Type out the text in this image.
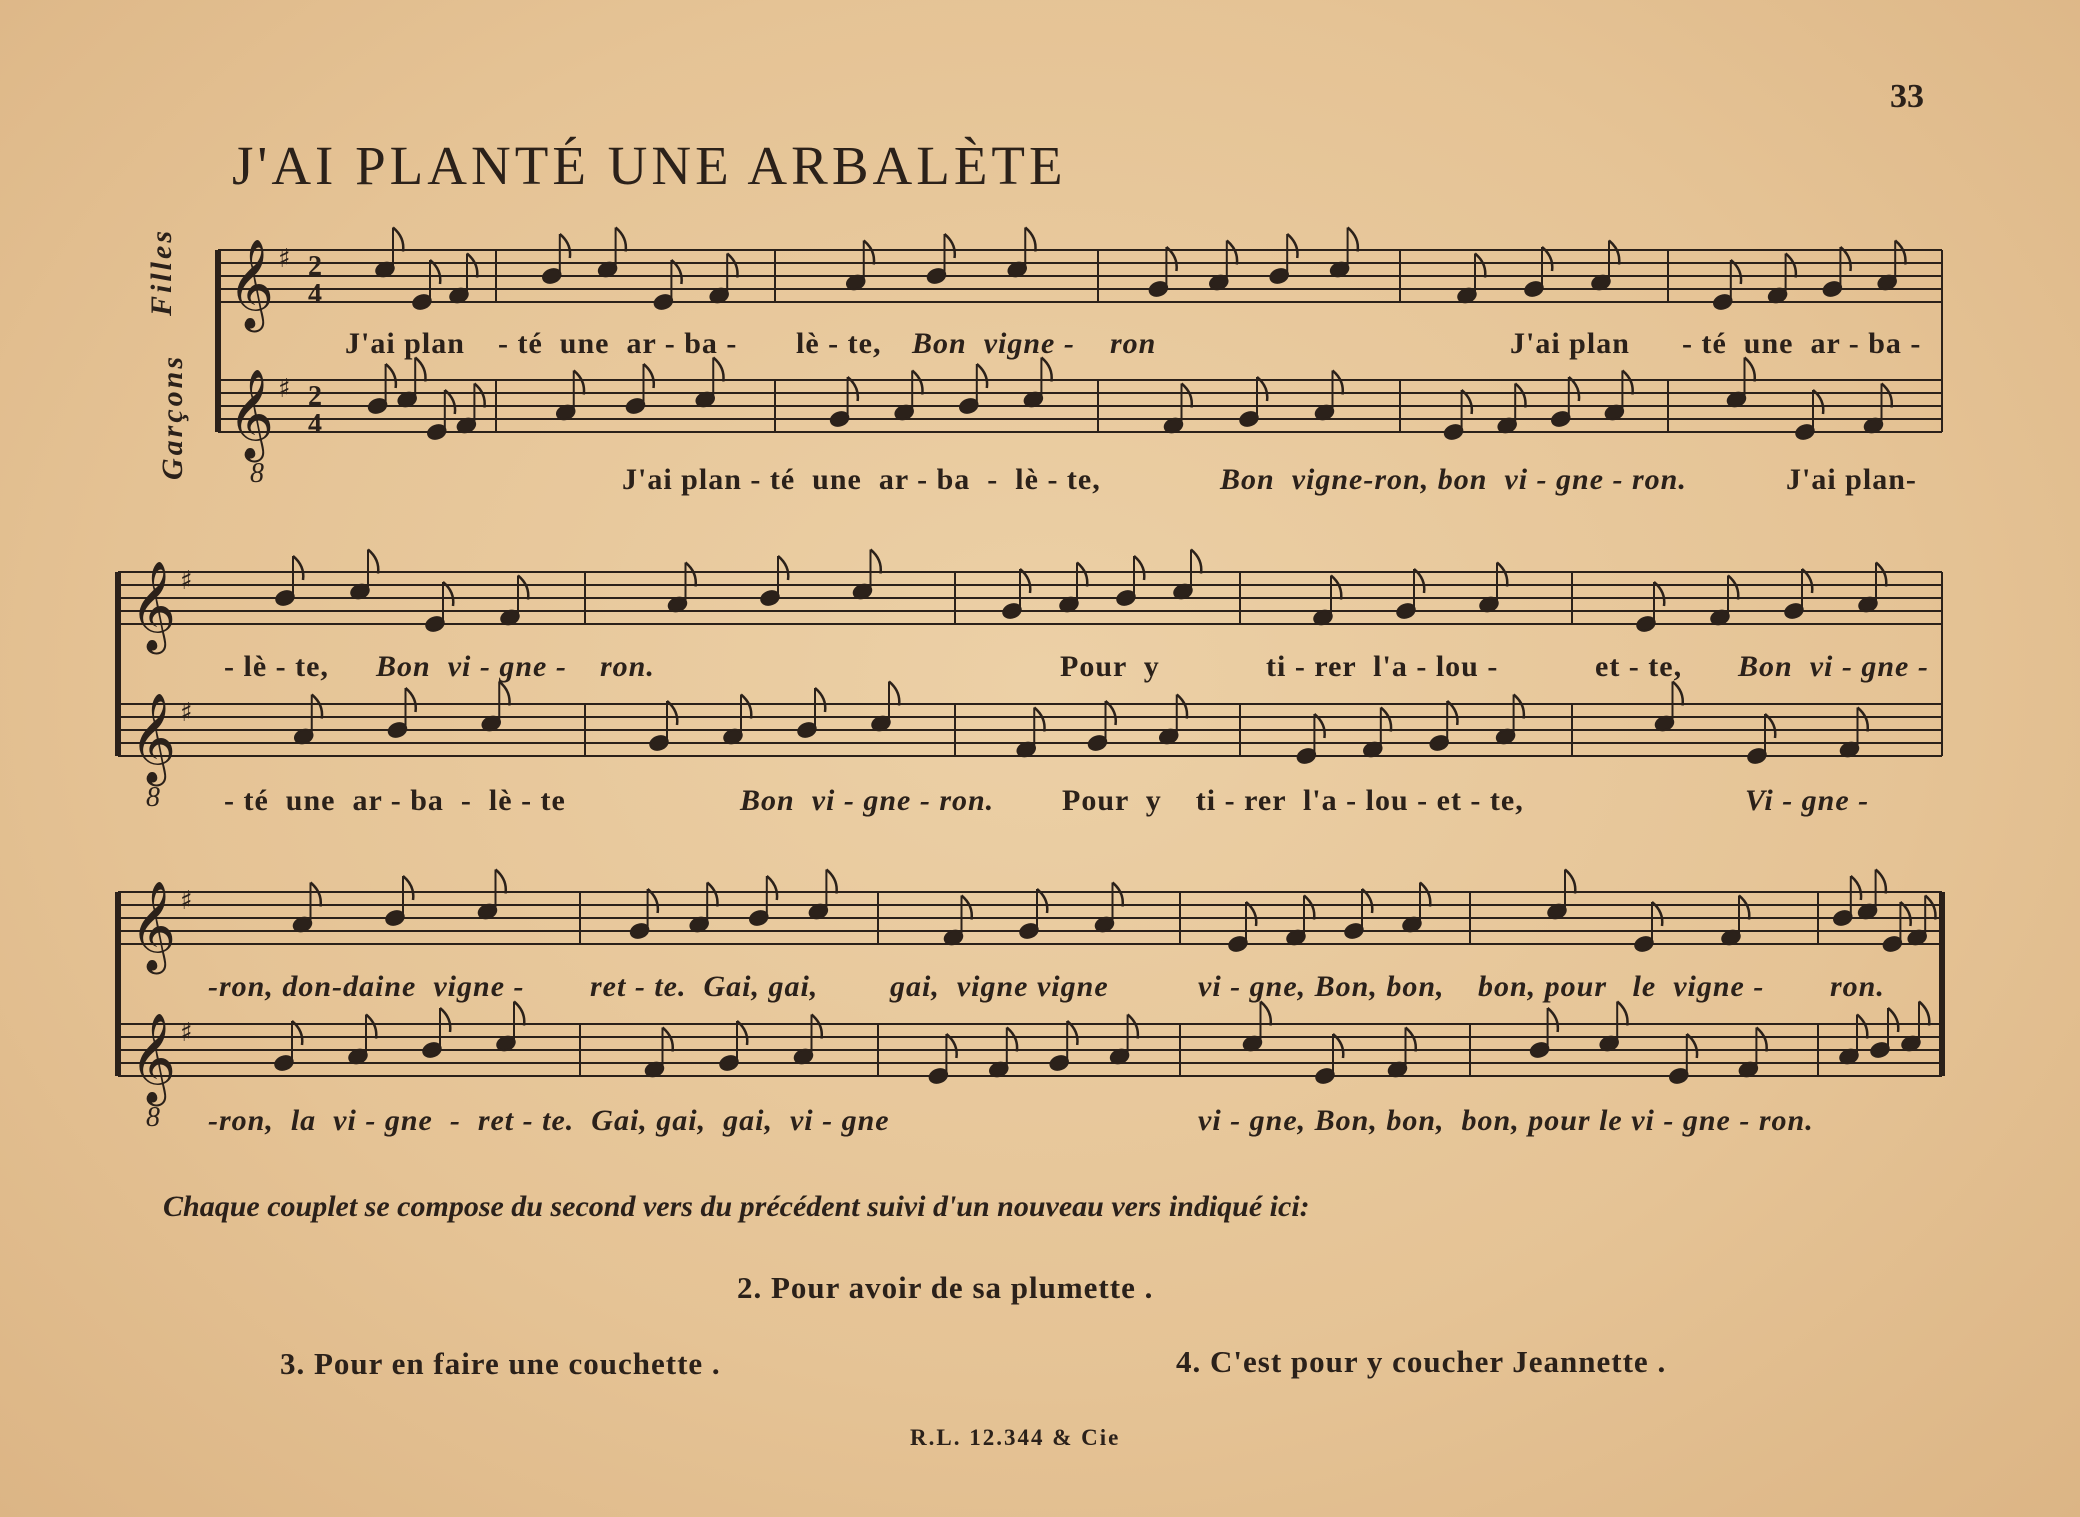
33
J'AI PLANTÉ UNE ARBALÈTE
Filles
Garçons
𝄞 ♯ 2
4
𝄞 ♯ 2
4
𝄞 ♯
𝄞 ♯
𝄞 ♯
𝄞 ♯
8
8
8
J'ai plan - té  une  ar - ba - lè - te, Bon  vigne - ron	J'ai plan - té  une  ar - ba -
J'ai plan - té  une  ar - ba  -  lè - te,	Bon  vigne-ron, bon  vi - gne - ron.	J'ai plan-
- lè - te, Bon  vi - gne - ron.	Pour  y	ti - rer  l'a - lou -	et - te, Bon  vi - gne -
- té  une  ar - ba  -  lè - te	Bon  vi - gne - ron. Pour  y    ti - rer  l'a - lou - et - te,	Vi - gne -
-ron, don-daine  vigne - ret - te.  Gai, gai, gai,  vigne vigne	vi - gne, Bon, bon, bon, pour   le  vigne - ron.
-ron,  la  vi - gne  -  ret - te.  Gai, gai,  gai,  vi - gne	vi - gne, Bon, bon,  bon, pour le vi - gne - ron.
Chaque couplet se compose du second vers du précédent suivi d'un nouveau vers indiqué ici:
2. Pour avoir de sa plumette .
3. Pour en faire une couchette .	4. C'est pour y coucher Jeannette .
R.L. 12.344 & Cie
